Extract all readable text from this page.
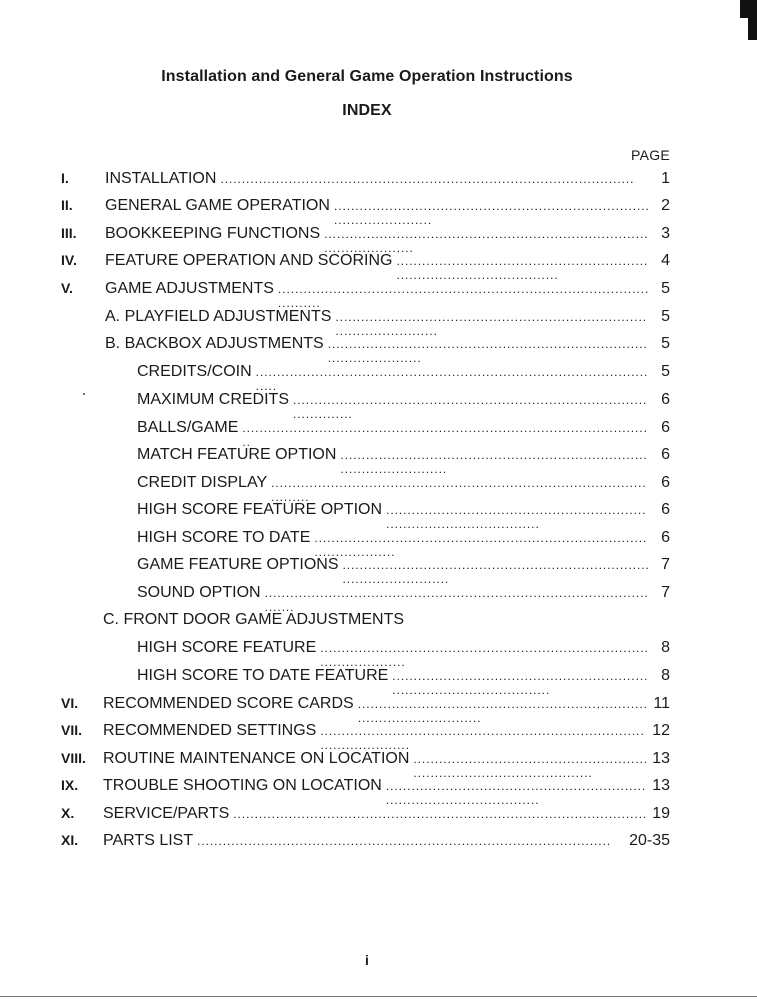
Installation and General Game Operation Instructions
INDEX
PAGE
I. INSTALLATION . . .	1
II. GENERAL GAME OPERATION . . .	2
III. BOOKKEEPING FUNCTIONS . . .	3
IV. FEATURE OPERATION AND SCORING . . .	4
V. GAME ADJUSTMENTS . . .	5
A. PLAYFIELD ADJUSTMENTS . . .	5
B. BACKBOX ADJUSTMENTS . . .	5
CREDITS/COIN . . .	5
MAXIMUM CREDITS . . .	6
BALLS/GAME . . .	6
MATCH FEATURE OPTION . . .	6
CREDIT DISPLAY . . .	6
HIGH SCORE FEATURE OPTION . . .	6
HIGH SCORE TO DATE . . .	6
GAME FEATURE OPTIONS . . .	7
SOUND OPTION . . .	7
C. FRONT DOOR GAME ADJUSTMENTS
HIGH SCORE FEATURE . . .	8
HIGH SCORE TO DATE FEATURE . . .	8
VI. RECOMMENDED SCORE CARDS . . .	11
VII. RECOMMENDED SETTINGS . . .	12
VIII. ROUTINE MAINTENANCE ON LOCATION . . .	13
IX. TROUBLE SHOOTING ON LOCATION . . .	13
X. SERVICE/PARTS . . .	19
XI. PARTS LIST . . .	20-35
i
